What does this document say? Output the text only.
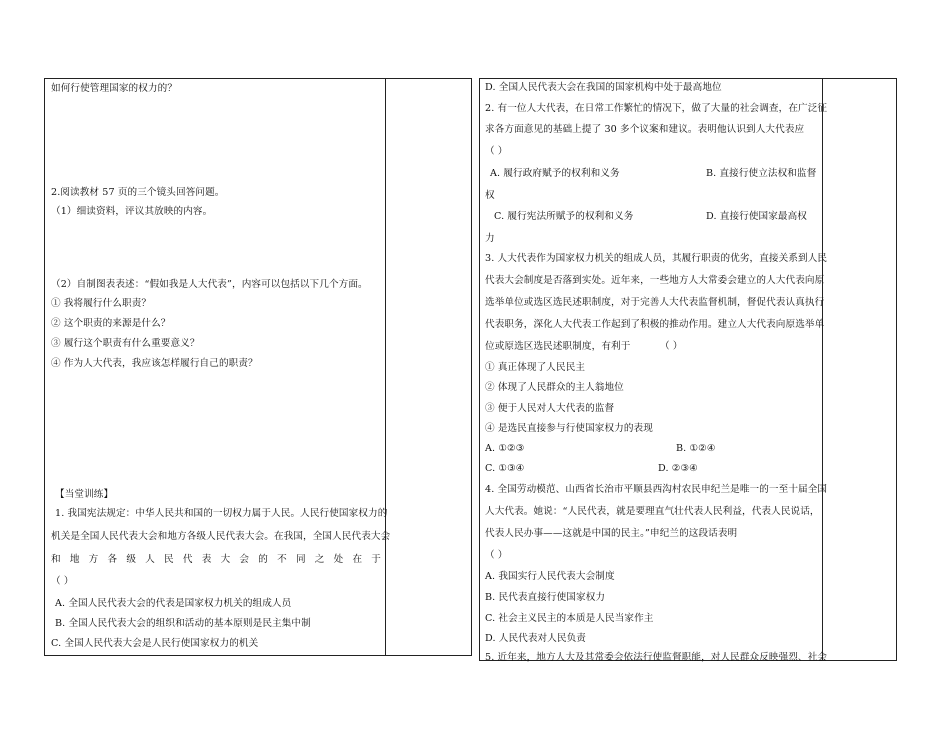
如何行使管理国家的权力的？
2.阅读教材 57 页的三个镜头回答问题。
（1）细读资料，评议其放映的内容。
（2）自制图表表述：“假如我是人大代表”，内容可以包括以下几个方面。
① 我将履行什么职责？
② 这个职责的来源是什么？
③ 履行这个职责有什么重要意义？
④ 作为人大代表，我应该怎样履行自己的职责？
【当堂训练】
1. 我国宪法规定：中华人民共和国的一切权力属于人民。人民行使国家权力的
机关是全国人民代表大会和地方各级人民代表大会。在我国，全国人民代表大会
和 地 方 各 级 人 民 代 表 大 会 的 不 同 之 处 在 于
（ ）
A. 全国人民代表大会的代表是国家权力机关的组成人员
B. 全国人民代表大会的组织和活动的基本原则是民主集中制
C. 全国人民代表大会是人民行使国家权力的机关
D. 全国人民代表大会在我国的国家机构中处于最高地位
2. 有一位人大代表，在日常工作繁忙的情况下，做了大量的社会调查，在广泛征
求各方面意见的基础上提了 30 多个议案和建议。表明他认识到人大代表应
（ ）
A. 履行政府赋予的权利和义务	B. 直接行使立法权和监督
权
C. 履行宪法所赋予的权利和义务	D. 直接行使国家最高权
力
3. 人大代表作为国家权力机关的组成人员，其履行职责的优劣，直接关系到人民
代表大会制度是否落到实处。近年来，一些地方人大常委会建立的人大代表向原
选举单位或选区选民述职制度，对于完善人大代表监督机制，督促代表认真执行
代表职务，深化人大代表工作起到了积极的推动作用。建立人大代表向原选举单
位或原选区选民述职制度，有利于	（ ）
① 真正体现了人民民主
② 体现了人民群众的主人翁地位
③ 便于人民对人大代表的监督
④ 是选民直接参与行使国家权力的表现
A. ①②③	B. ①②④
C. ①③④	D. ②③④
4. 全国劳动模范、山西省长治市平顺县西沟村农民申纪兰是唯一的一至十届全国
人大代表。她说：“人民代表，就是要理直气壮代表人民利益，代表人民说话，
代表人民办事——这就是中国的民主。”申纪兰的这段话表明
（ ）
A. 我国实行人民代表大会制度
B. 民代表直接行使国家权力
C. 社会主义民主的本质是人民当家作主
D. 人民代表对人民负责
5. 近年来，地方人大及其常委会依法行使监督职能，对人民群众反映强烈、社会
